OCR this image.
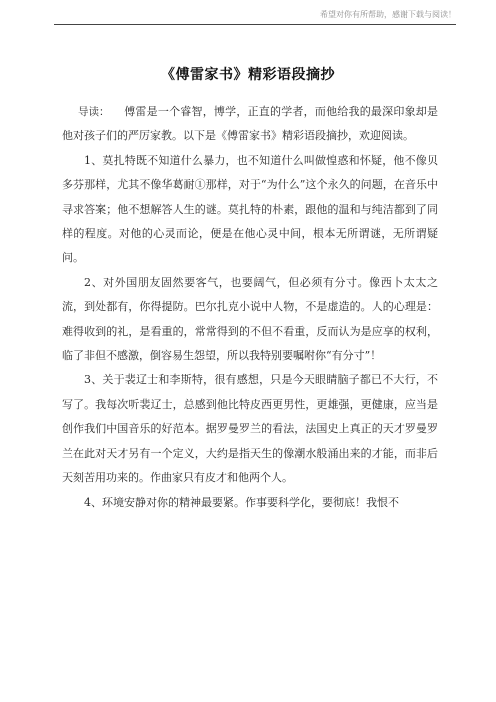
希望对你有所帮助，感谢下载与阅读！
《傅雷家书》精彩语段摘抄

导读： 傅雷是一个睿智，博学，正直的学者，而他给我的最深印象却是他对孩子们的严厉家教。以下是《傅雷家书》精彩语段摘抄，欢迎阅读。

1、莫扎特既不知道什么暴力，也不知道什么叫做惶惑和怀疑，他不像贝多芬那样，尤其不像华葛耐①那样，对于“为什么”这个永久的问题，在音乐中寻求答案；他不想解答人生的谜。莫扎特的朴素，跟他的温和与纯洁都到了同样的程度。对他的心灵而论，便是在他心灵中间，根本无所谓谜，无所谓疑问。

2、对外国朋友固然要客气，也要阔气，但必须有分寸。像西卜太太之流，到处都有，你得提防。巴尔扎克小说中人物，不是虚造的。人的心理是：难得收到的礼，是看重的，常常得到的不但不看重，反而认为是应享的权利，临了非但不感激，倒容易生怨望，所以我特别要嘱咐你“有分寸”！

3、关于裴辽士和李斯特，很有感想，只是今天眼睛脑子都已不大行，不写了。我每次听裴辽士，总感到他比特皮西更男性，更雄强，更健康，应当是创作我们中国音乐的好范本。据罗曼罗兰的看法，法国史上真正的天才罗曼罗兰在此对天才另有一个定义，大约是指天生的像潮水般涌出来的才能，而非后天刻苦用功来的。作曲家只有皮才和他两个人。

4、环境安静对你的精神最要紧。作事要科学化，要彻底！我恨不
